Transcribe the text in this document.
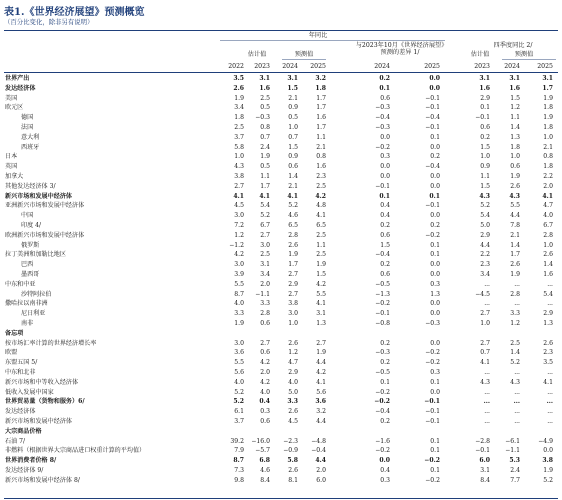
表1.《世界经济展望》预测概览
（百分比变化，除非另有说明）
年同比
与2023年10月《世界经济展望》预测的差异 1/
四季度同比 2/
估计值	预测值	估计值	预测值
2022	2023	2024	2025	2024	2025	2023	2024	2025
世界产出	3.5	3.1	3.1	3.2	0.2	0.0	3.1	3.1	3.1
发达经济体	2.6	1.6	1.5	1.8	0.1	0.0	1.6	1.6	1.7
美国	1.9	2.5	2.1	1.7	0.6	−0.1	2.9	1.5	1.9
欧元区	3.4	0.5	0.9	1.7	−0.3	−0.1	0.1	1.2	1.8
德国	1.8	−0.3	0.5	1.6	−0.4	−0.4	−0.1	1.1	1.9
法国	2.5	0.8	1.0	1.7	−0.3	−0.1	0.6	1.4	1.8
意大利	3.7	0.7	0.7	1.1	0.0	0.1	0.2	1.3	1.0
西班牙	5.8	2.4	1.5	2.1	−0.2	0.0	1.5	1.8	2.1
日本	1.0	1.9	0.9	0.8	0.3	0.2	1.0	1.0	0.8
英国	4.3	0.5	0.6	1.6	0.0	−0.4	0.9	0.6	1.8
加拿大	3.8	1.1	1.4	2.3	0.0	0.0	1.1	1.9	2.2
其他发达经济体 3/	2.7	1.7	2.1	2.5	−0.1	0.0	1.5	2.6	2.0
新兴市场和发展中经济体	4.1	4.1	4.1	4.2	0.1	0.1	4.3	4.3	4.1
亚洲新兴市场和发展中经济体	4.5	5.4	5.2	4.8	0.4	−0.1	5.2	5.5	4.7
中国	3.0	5.2	4.6	4.1	0.4	0.0	5.4	4.4	4.0
印度 4/	7.2	6.7	6.5	6.5	0.2	0.2	5.0	7.8	6.7
欧洲新兴市场和发展中经济体	1.2	2.7	2.8	2.5	0.6	−0.2	2.9	2.1	2.8
俄罗斯	−1.2	3.0	2.6	1.1	1.5	0.1	4.4	1.4	1.0
拉丁美洲和加勒比地区	4.2	2.5	1.9	2.5	−0.4	0.1	2.2	1.7	2.6
巴西	3.0	3.1	1.7	1.9	0.2	0.0	2.3	2.6	1.4
墨西哥	3.9	3.4	2.7	1.5	0.6	0.0	3.4	1.9	1.6
中东和中亚	5.5	2.0	2.9	4.2	−0.5	0.3	...	...	...
沙特阿拉伯	8.7	−1.1	2.7	5.5	−1.3	1.3	−4.5	2.8	5.4
撒哈拉以南非洲	4.0	3.3	3.8	4.1	−0.2	0.0	...	...	...
尼日利亚	3.3	2.8	3.0	3.1	−0.1	0.0	2.7	3.3	2.9
南非	1.9	0.6	1.0	1.3	−0.8	−0.3	1.0	1.2	1.3
备忘项
按市场汇率计算的世界经济增长率	3.0	2.7	2.6	2.7	0.2	0.0	2.7	2.5	2.6
欧盟	3.6	0.6	1.2	1.9	−0.3	−0.2	0.7	1.4	2.3
东盟五国 5/	5.5	4.2	4.7	4.4	0.2	−0.2	4.1	5.2	3.5
中东和北非	5.6	2.0	2.9	4.2	−0.5	0.3	...	...	...
新兴市场和中等收入经济体	4.0	4.2	4.0	4.1	0.1	0.1	4.3	4.3	4.1
低收入发展中国家	5.2	4.0	5.0	5.6	−0.2	0.0	...	...	...
世界贸易量（货物和服务）6/	5.2	0.4	3.3	3.6	−0.2	−0.1	...	...	...
发达经济体	6.1	0.3	2.6	3.2	−0.4	−0.1	...	...	...
新兴市场和发展中经济体	3.7	0.6	4.5	4.4	0.2	−0.1	...	...	...
大宗商品价格
石油 7/	39.2	−16.0	−2.3	−4.8	−1.6	0.1	−2.8	−6.1	−4.9
非燃料（根据世界大宗商品进口权重计算的平均值）	7.9	−5.7	−0.9	−0.4	−0.2	0.1	−0.1	−1.1	0.0
世界消费者价格 8/	8.7	6.8	5.8	4.4	0.0	−0.2	6.0	5.3	3.8
发达经济体 9/	7.3	4.6	2.6	2.0	0.4	0.1	3.1	2.4	1.9
新兴市场和发展中经济体 8/	9.8	8.4	8.1	6.0	0.3	−0.2	8.4	7.7	5.2
